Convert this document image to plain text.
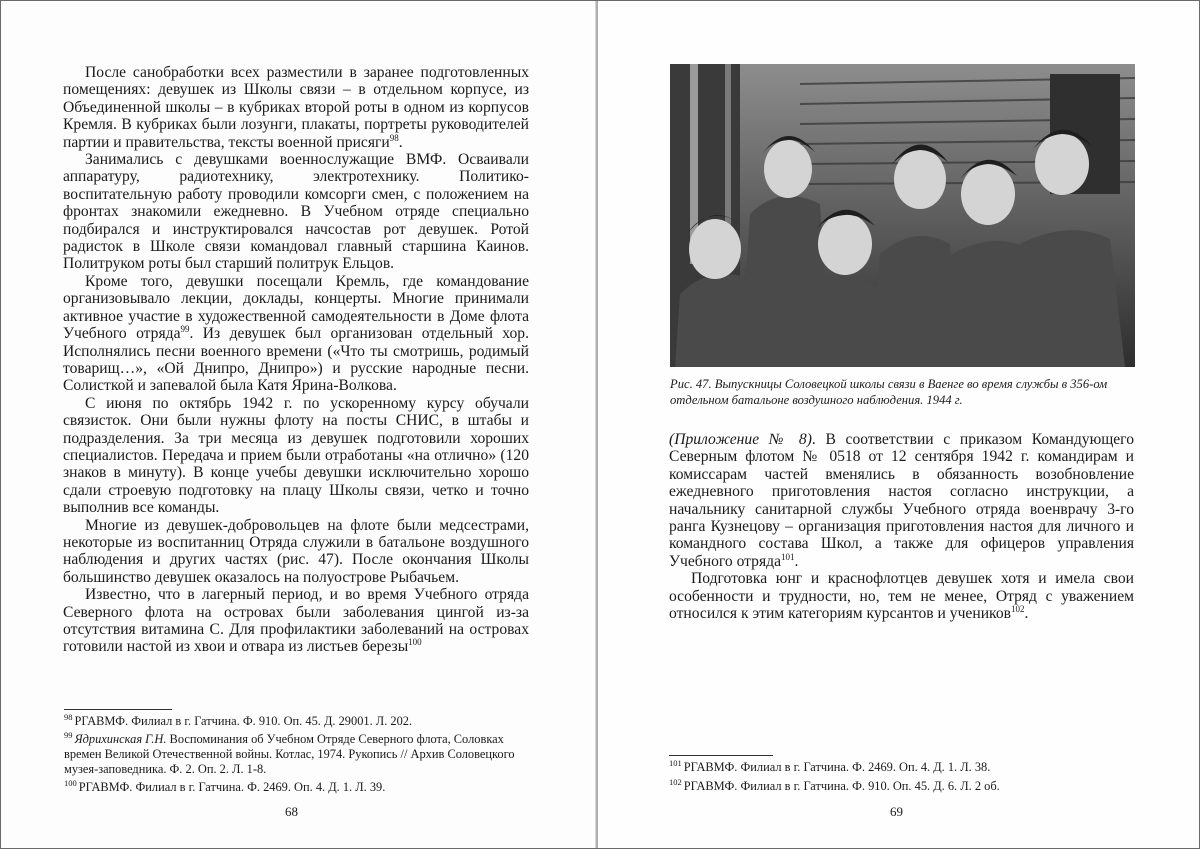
После санобработки всех разместили в заранее подготовленных помещениях: девушек из Школы связи – в отдельном корпусе, из Объединенной школы – в кубриках второй роты в одном из корпусов Кремля. В кубриках были лозунги, плакаты, портреты руководителей партии и правительства, тексты военной присяги$^{98}$.

Занимались с девушками военнослужащие ВМФ. Осваивали аппаратуру, радиотехнику, электротехнику. Политико-воспитательную работу проводили комсорги смен, с положением на фронтах знакомили ежедневно. В Учебном отряде специально подбирался и инструктировался начсостав рот девушек. Ротой радисток в Школе связи командовал главный старшина Каинов. Политруком роты был старший политрук Ельцов.

Кроме того, девушки посещали Кремль, где командование организовывало лекции, доклады, концерты. Многие принимали активное участие в художественной самодеятельности в Доме флота Учебного отряда$^{99}$. Из девушек был организован отдельный хор. Исполнялись песни военного времени («Что ты смотришь, родимый товарищ…», «Ой Днипро, Днипро») и русские народные песни. Солисткой и запевалой была Катя Ярина-Волкова.

С июня по октябрь 1942 г. по ускоренному курсу обучали связисток. Они были нужны флоту на посты СНИС, в штабы и подразделения. За три месяца из девушек подготовили хороших специалистов. Передача и прием были отработаны «на отлично» (120 знаков в минуту). В конце учебы девушки исключительно хорошо сдали строевую подготовку на плацу Школы связи, четко и точно выполнив все команды.

Многие из девушек-добровольцев на флоте были медсестрами, некоторые из воспитанниц Отряда служили в батальоне воздушного наблюдения и других частях (рис. 47). После окончания Школы большинство девушек оказалось на полуострове Рыбачьем.

Известно, что в лагерный период, и во время Учебного отряда Северного флота на островах были заболевания цингой из-за отсутствия витамина С. Для профилактики заболеваний на островах готовили настой из хвои и отвара из листьев березы$^{100}$

$^{98}$ РГАВМФ. Филиал в г. Гатчина. Ф. 910. Оп. 45. Д. 29001. Л. 202.

$^{99}$ Ядрихинская Г.Н. Воспоминания об Учебном Отряде Северного флота, Соловках времен Великой Отечественной войны. Котлас, 1974. Рукопись // Архив Соловецкого музея-заповедника. Ф. 2. Оп. 2. Л. 1-8.

$^{100}$ РГАВМФ. Филиал в г. Гатчина. Ф. 2469. Оп. 4. Д. 1. Л. 39.

68
Рис. 47. Выпускницы Соловецкой школы связи в Ваенге во время службы в 356-ом отдельном батальоне воздушного наблюдения. 1944 г.

(Приложение № 8). В соответствии с приказом Командующего Северным флотом № 0518 от 12 сентября 1942 г. командирам и комиссарам частей вменялись в обязанность возобновление ежедневного приготовления настоя согласно инструкции, а начальнику санитарной службы Учебного отряда военврачу 3-го ранга Кузнецову – организация приготовления настоя для личного и командного состава Школ, а также для офицеров управления Учебного отряда$^{101}$.

Подготовка юнг и краснофлотцев девушек хотя и имела свои особенности и трудности, но, тем не менее, Отряд с уважением относился к этим категориям курсантов и учеников$^{102}$.

$^{101}$ РГАВМФ. Филиал в г. Гатчина. Ф. 2469. Оп. 4. Д. 1. Л. 38.

$^{102}$ РГАВМФ. Филиал в г. Гатчина. Ф. 910. Оп. 45. Д. 6. Л. 2 об.

69
